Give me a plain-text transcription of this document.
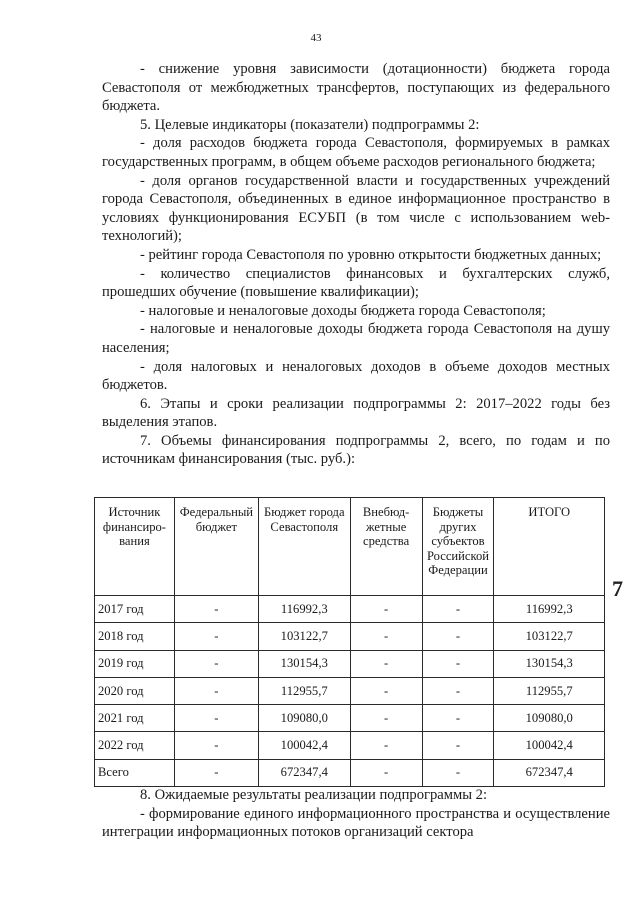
43

- снижение уровня зависимости (дотационности) бюджета города Севастополя от межбюджетных трансфертов, поступающих из федерального бюджета.

5. Целевые индикаторы (показатели) подпрограммы 2:

- доля расходов бюджета города Севастополя, формируемых в рамках государственных программ, в общем объеме расходов регионального бюджета;

- доля органов государственной власти и государственных учреждений города Севастополя, объединенных в единое информационное пространство в условиях функционирования ЕСУБП (в том числе с использованием web-технологий);

- рейтинг города Севастополя по уровню открытости бюджетных данных;

- количество специалистов финансовых и бухгалтерских служб, прошедших обучение (повышение квалификации);

- налоговые и неналоговые доходы бюджета города Севастополя;

- налоговые и неналоговые доходы бюджета города Севастополя на душу населения;

- доля налоговых и неналоговых доходов в объеме доходов местных бюджетов.

6. Этапы и сроки реализации подпрограммы 2: 2017–2022 годы без выделения этапов.

7. Объемы финансирования подпрограммы 2, всего, по годам и по источникам финансирования (тыс. руб.):

Источник финансиро-вания	Федеральный бюджет	Бюджет города Севастополя	Внебюд-жетные средства	Бюджеты других субъектов Российской Федерации	ИТОГО
2017 год	-	116992,3	-	-	116992,3
2018 год	-	103122,7	-	-	103122,7
2019 год	-	130154,3	-	-	130154,3
2020 год	-	112955,7	-	-	112955,7
2021 год	-	109080,0	-	-	109080,0
2022 год	-	100042,4	-	-	100042,4
Всего	-	672347,4	-	-	672347,4
7

8. Ожидаемые результаты реализации подпрограммы 2:

- формирование единого информационного пространства и осуществление интеграции информационных потоков организаций сектора
